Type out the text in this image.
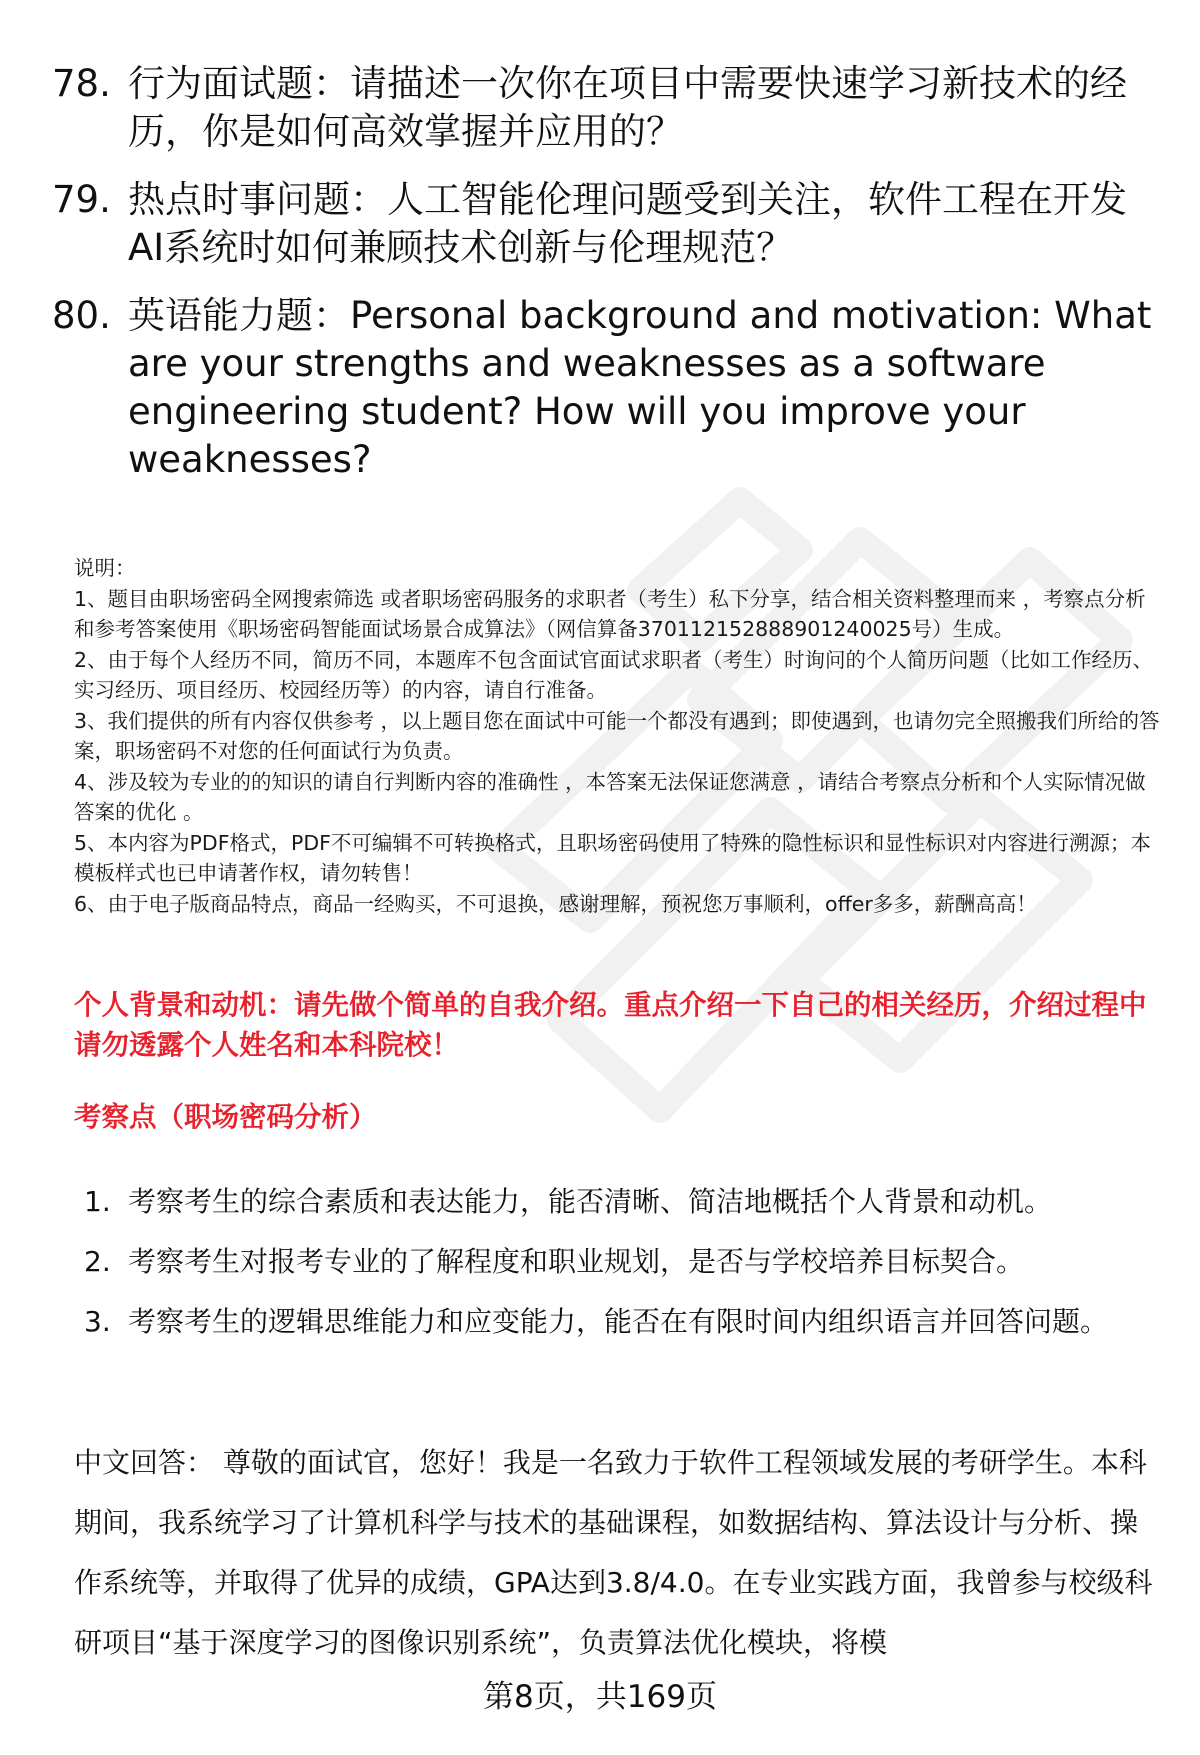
78. 行为面试题：请描述一次你在项目中需要快速学习新技术的经历，你是如何高效掌握并应用的？
79. 热点时事问题：人工智能伦理问题受到关注，软件工程在开发AI系统时如何兼顾技术创新与伦理规范？
80. 英语能力题：Personal background and motivation: What are your strengths and weaknesses as a software engineering student? How will you improve your weaknesses?

说明：

1、题目由职场密码全网搜索筛选 或者职场密码服务的求职者（考生）私下分享，结合相关资料整理而来 ，考察点分析和参考答案使用《职场密码智能面试场景合成算法》（网信算备370112152888901240025号）生成。

2、由于每个人经历不同，简历不同，本题库不包含面试官面试求职者（考生）时询问的个人简历问题（比如工作经历、实习经历、项目经历、校园经历等）的内容，请自行准备。

3、我们提供的所有内容仅供参考 ，以上题目您在面试中可能一个都没有遇到；即使遇到，也请勿完全照搬我们所给的答案，职场密码不对您的任何面试行为负责。

4、涉及较为专业的的知识的请自行判断内容的准确性 ，本答案无法保证您满意 ，请结合考察点分析和个人实际情况做答案的优化 。

5、本内容为PDF格式，PDF不可编辑不可转换格式，且职场密码使用了特殊的隐性标识和显性标识对内容进行溯源；本模板样式也已申请著作权，请勿转售！

6、由于电子版商品特点，商品一经购买，不可退换，感谢理解，预祝您万事顺利，offer多多，薪酬高高！

个人背景和动机：请先做个简单的自我介绍。重点介绍一下自己的相关经历，介绍过程中请勿透露个人姓名和本科院校！
考察点（职场密码分析）
1. 考察考生的综合素质和表达能力，能否清晰、简洁地概括个人背景和动机。
2. 考察考生对报考专业的了解程度和职业规划，是否与学校培养目标契合。
3. 考察考生的逻辑思维能力和应变能力，能否在有限时间内组织语言并回答问题。

中文回答： 尊敬的面试官，您好！我是一名致力于软件工程领域发展的考研学生。本科期间，我系统学习了计算机科学与技术的基础课程，如数据结构、算法设计与分析、操作系统等，并取得了优异的成绩，GPA达到3.8/4.0。在专业实践方面，我曾参与校级科研项目“基于深度学习的图像识别系统”，负责算法优化模块，将模

第8页，共169页
